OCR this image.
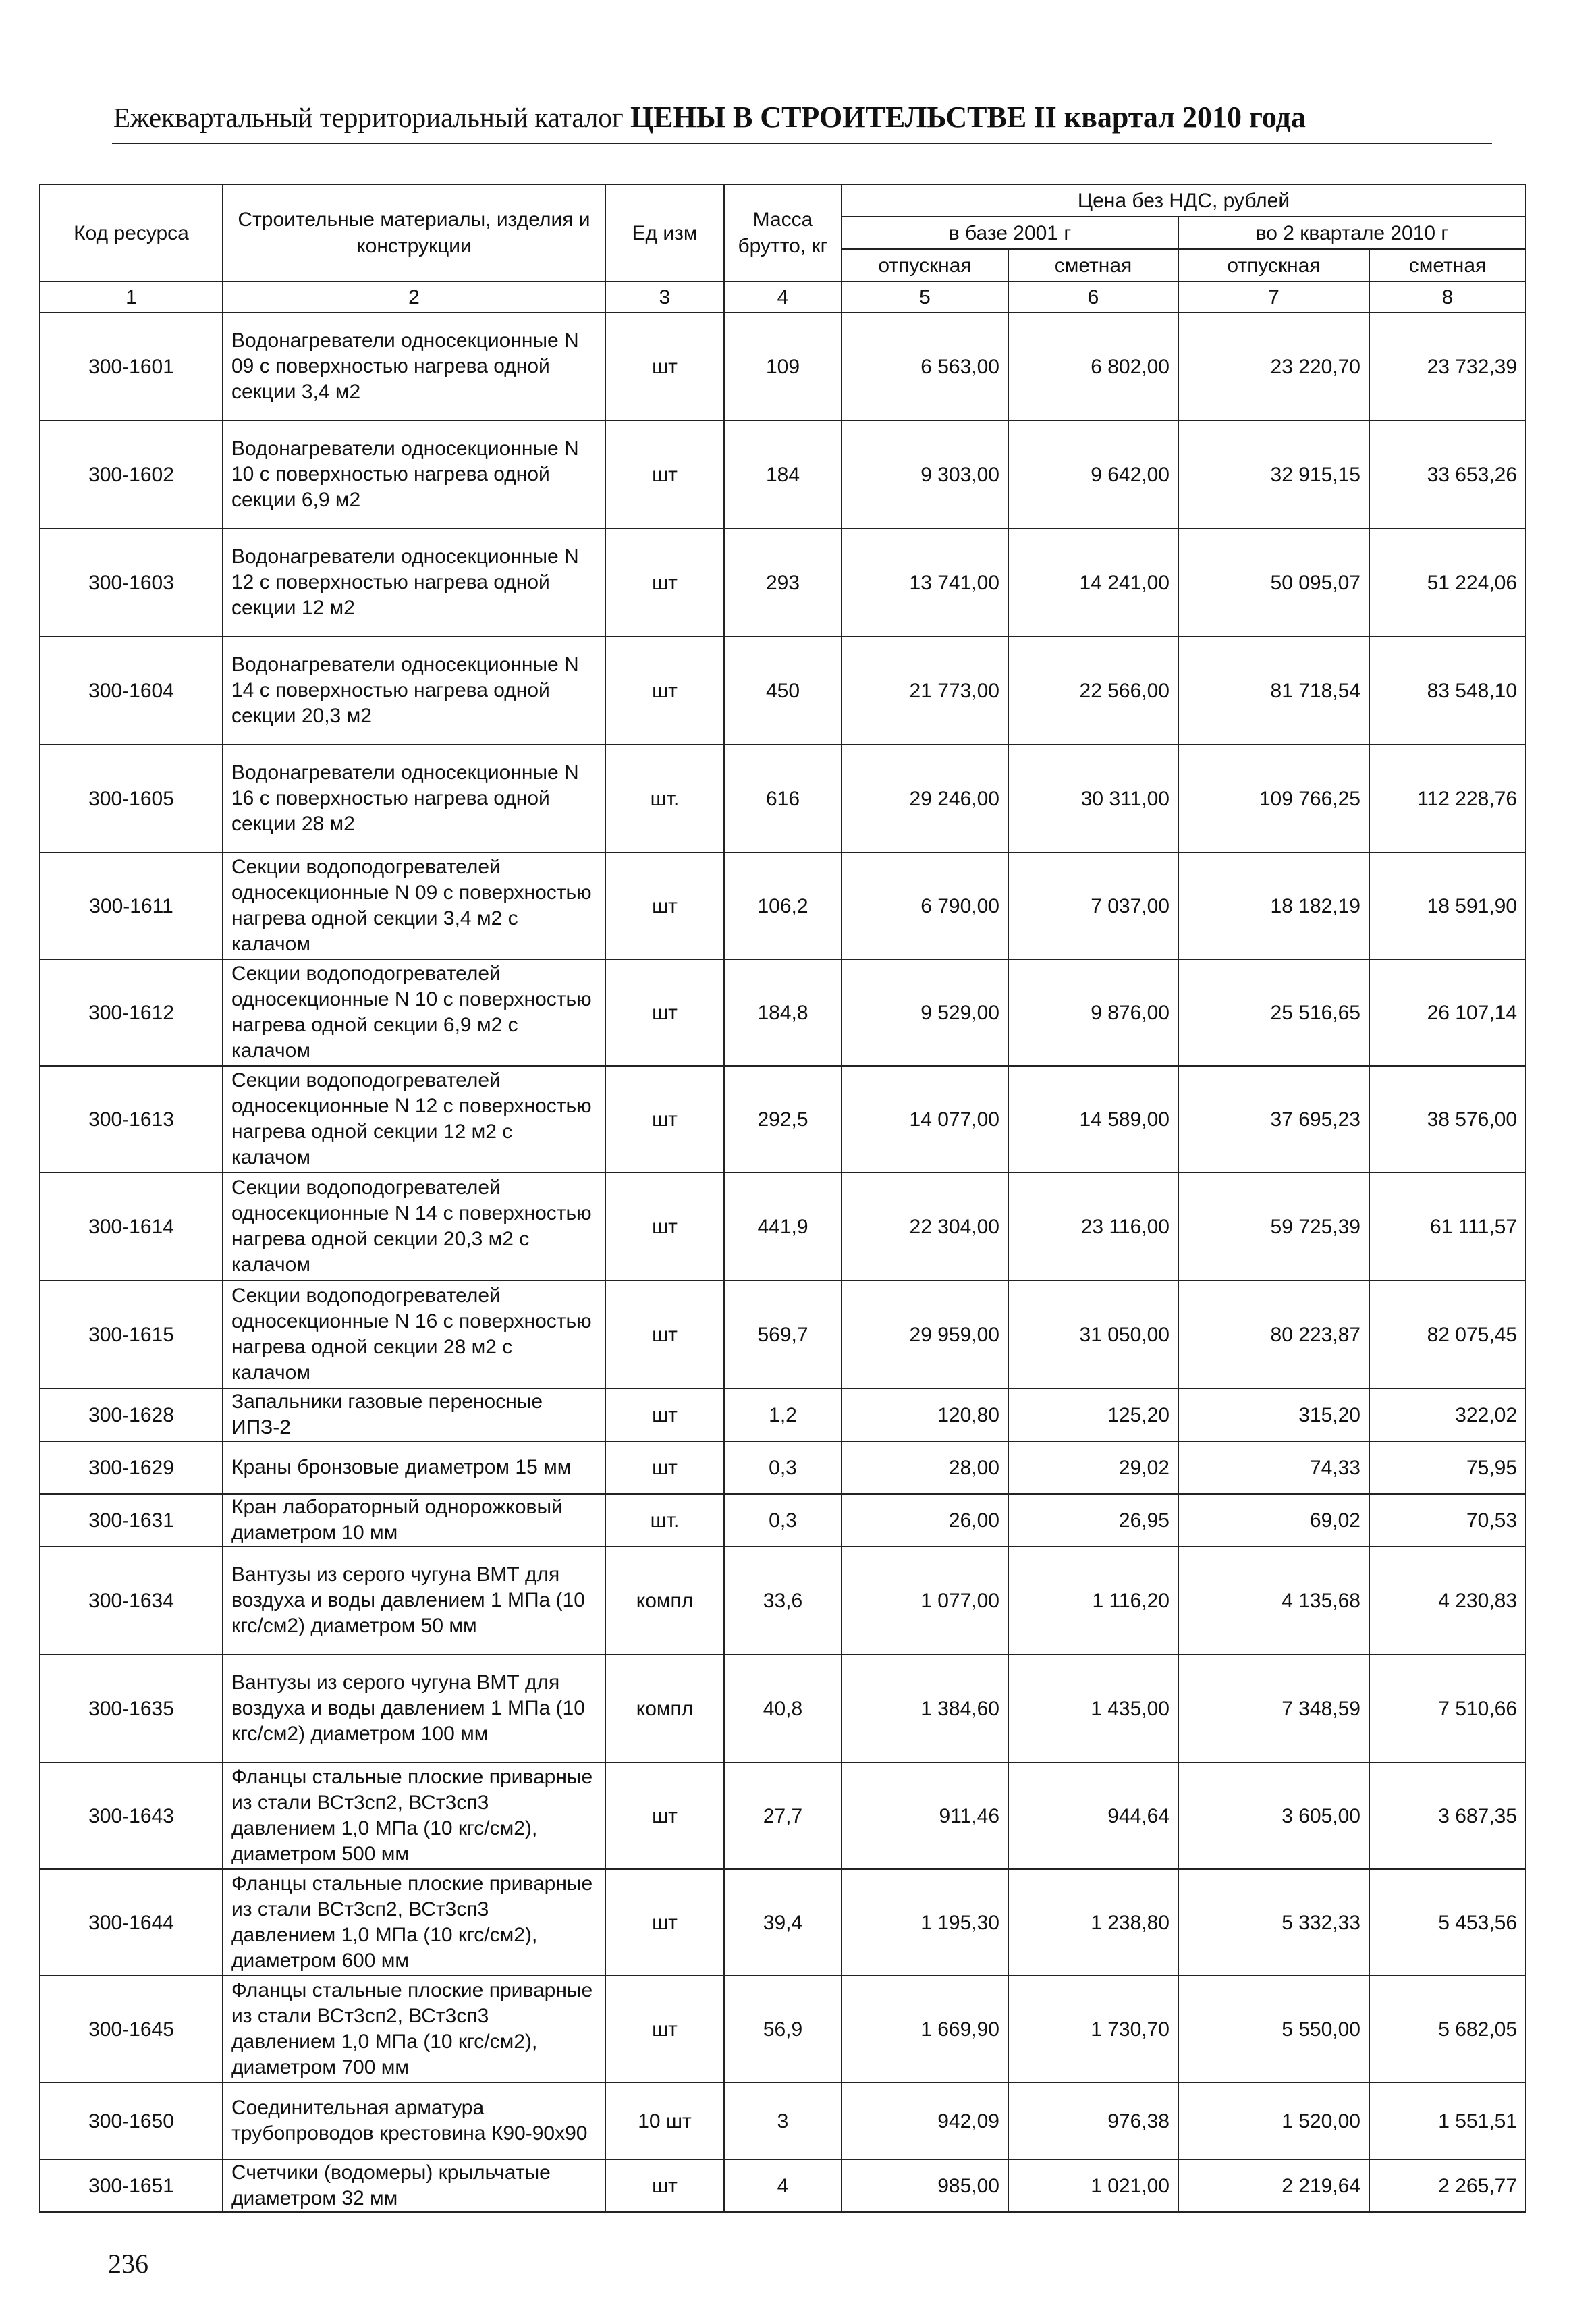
Ежеквартальный территориальный каталог ЦЕНЫ В СТРОИТЕЛЬСТВЕ II квартал 2010 года
Код ресурса	Строительные материалы, изделия и конструкции	Ед изм	Масса брутто, кг	Цена без НДС, рублей			
				в базе 2001 г		во 2 квартале 2010 г	
				отпускная	сметная	отпускная	сметная
1	2	3	4	5	6	7	8
300-1601	Водонагреватели односекционные N 09 с поверхностью нагрева одной секции 3,4 м2	шт	109	6 563,00	6 802,00	23 220,70	23 732,39
300-1602	Водонагреватели односекционные N 10 с поверхностью нагрева одной секции 6,9 м2	шт	184	9 303,00	9 642,00	32 915,15	33 653,26
300-1603	Водонагреватели односекционные N 12 с поверхностью нагрева одной секции 12 м2	шт	293	13 741,00	14 241,00	50 095,07	51 224,06
300-1604	Водонагреватели односекционные N 14 с поверхностью нагрева одной секции 20,3 м2	шт	450	21 773,00	22 566,00	81 718,54	83 548,10
300-1605	Водонагреватели односекционные N 16 с поверхностью нагрева одной секции 28 м2	шт.	616	29 246,00	30 311,00	109 766,25	112 228,76
300-1611	Секции водоподогревателей односекционные N 09 с поверхностью нагрева одной секции 3,4 м2 с калачом	шт	106,2	6 790,00	7 037,00	18 182,19	18 591,90
300-1612	Секции водоподогревателей односекционные N 10 с поверхностью нагрева одной секции 6,9 м2 с калачом	шт	184,8	9 529,00	9 876,00	25 516,65	26 107,14
300-1613	Секции водоподогревателей односекционные N 12 с поверхностью нагрева одной секции 12 м2 с калачом	шт	292,5	14 077,00	14 589,00	37 695,23	38 576,00
300-1614	Секции водоподогревателей односекционные N 14 с поверхностью нагрева одной секции 20,3 м2 с калачом	шт	441,9	22 304,00	23 116,00	59 725,39	61 111,57
300-1615	Секции водоподогревателей односекционные N 16 с поверхностью нагрева одной секции 28 м2 с калачом	шт	569,7	29 959,00	31 050,00	80 223,87	82 075,45
300-1628	Запальники газовые переносные ИПЗ-2	шт	1,2	120,80	125,20	315,20	322,02
300-1629	Краны бронзовые диаметром 15 мм	шт	0,3	28,00	29,02	74,33	75,95
300-1631	Кран лабораторный однорожковый диаметром 10 мм	шт.	0,3	26,00	26,95	69,02	70,53
300-1634	Вантузы из серого чугуна ВМТ для воздуха и воды давлением 1 МПа (10 кгс/см2) диаметром 50 мм	компл	33,6	1 077,00	1 116,20	4 135,68	4 230,83
300-1635	Вантузы из серого чугуна ВМТ для воздуха и воды давлением 1 МПа (10 кгс/см2) диаметром 100 мм	компл	40,8	1 384,60	1 435,00	7 348,59	7 510,66
300-1643	Фланцы стальные плоские приварные из стали ВСт3сп2, ВСт3сп3 давлением 1,0 МПа (10 кгс/см2), диаметром 500 мм	шт	27,7	911,46	944,64	3 605,00	3 687,35
300-1644	Фланцы стальные плоские приварные из стали ВСт3сп2, ВСт3сп3 давлением 1,0 МПа (10 кгс/см2), диаметром 600 мм	шт	39,4	1 195,30	1 238,80	5 332,33	5 453,56
300-1645	Фланцы стальные плоские приварные из стали ВСт3сп2, ВСт3сп3 давлением 1,0 МПа (10 кгс/см2), диаметром 700 мм	шт	56,9	1 669,90	1 730,70	5 550,00	5 682,05
300-1650	Соединительная арматура трубопроводов крестовина К90-90х90	10 шт	3	942,09	976,38	1 520,00	1 551,51
300-1651	Счетчики (водомеры) крыльчатые диаметром 32 мм	шт	4	985,00	1 021,00	2 219,64	2 265,77
236
